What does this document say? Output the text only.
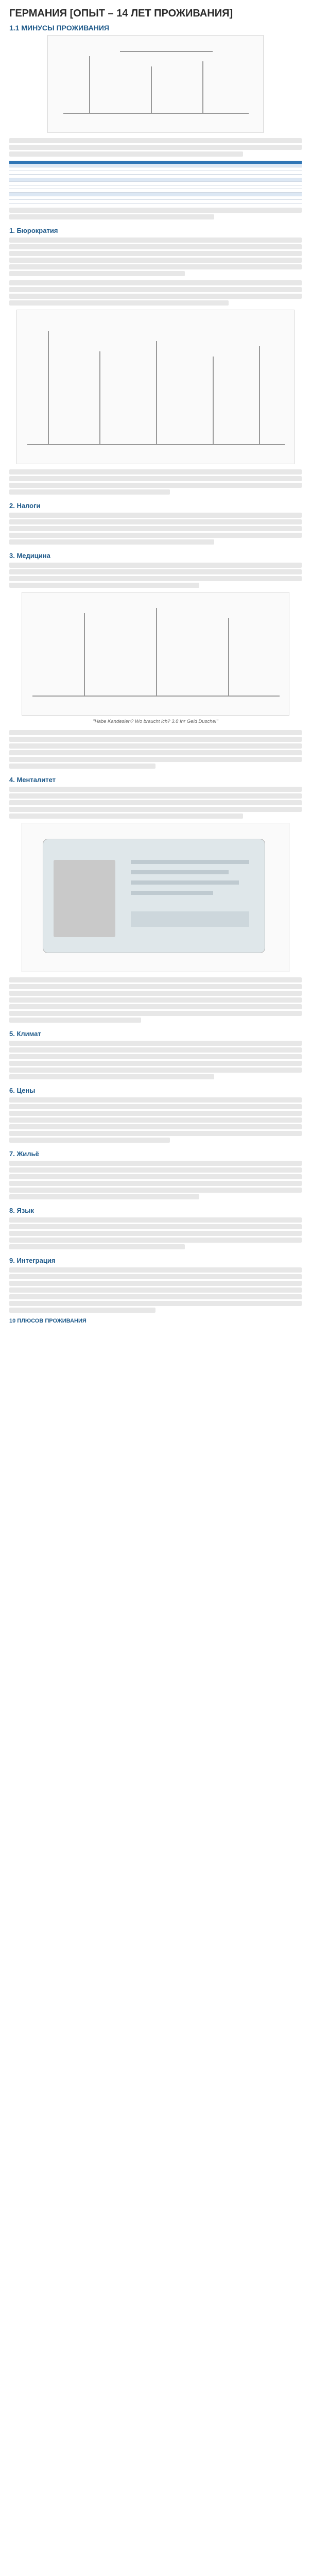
ГЕРМАНИЯ [ОПЫТ – 14 ЛЕТ ПРОЖИВАНИЯ]
1.1 МИНУСЫ ПРОЖИВАНИЯ

1. Бюрократия
2. Налоги
3. Медицина
"Habe Kandesien? Wo braucht ich? 3.8 Ihr Geld Dusche!"
4. Менталитет
5. Климат
6. Цены
7. Жильё
8. Язык
9. Интеграция
10 ПЛЮСОВ ПРОЖИВАНИЯ
